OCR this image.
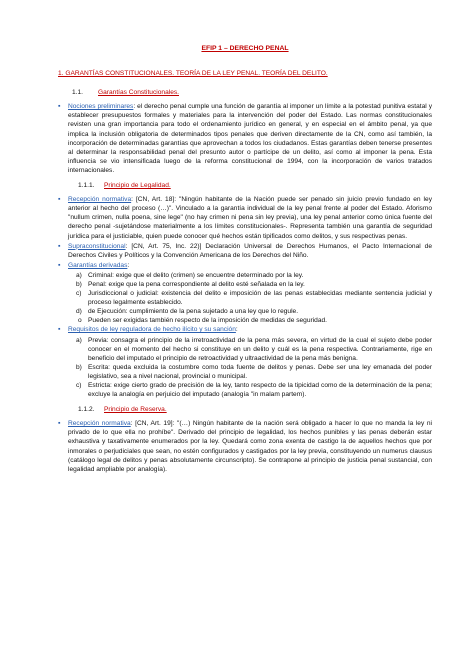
EFIP 1 – DERECHO PENAL
1. GARANTÍAS CONSTITUCIONALES. TEORÍA DE LA LEY PENAL. TEORÍA DEL DELITO.
1.1. Garantías Constitucionales.
▪ Nociones preliminares: el derecho penal cumple una función de garantía al imponer un límite a la potestad punitiva estatal y establecer presupuestos formales y materiales para la intervención del poder del Estado. Las normas constitucionales revisten una gran importancia para todo el ordenamiento jurídico en general, y en especial en el ámbito penal, ya que implica la inclusión obligatoria de determinados tipos penales que deriven directamente de la CN, como así también, la incorporación de determinadas garantías que aprovechan a todos los ciudadanos. Estas garantías deben tenerse presentes al determinar la responsabilidad penal del presunto autor o partícipe de un delito, así como al imponer la pena. Esta influencia se vio intensificada luego de la reforma constitucional de 1994, con la incorporación de varios tratados internacionales.
1.1.1. Principio de Legalidad.
▪ Recepción normativa: [CN, Art. 18]: "Ningún habitante de la Nación puede ser penado sin juicio previo fundado en ley anterior al hecho del proceso (…)". Vinculado a la garantía individual de la ley penal frente al poder del Estado. Aforismo "nullum crimen, nulla poena, sine lege" (no hay crimen ni pena sin ley previa), una ley penal anterior como única fuente del derecho penal -sujetándose materialmente a los límites constitucionales-. Representa también una garantía de seguridad jurídica para el justiciable, quien puede conocer qué hechos están tipificados como delitos, y sus respectivas penas.
▪ Supraconstitucional: [CN, Art. 75, Inc. 22)] Declaración Universal de Derechos Humanos, el Pacto Internacional de Derechos Civiles y Políticos y la Convención Americana de los Derechos del Niño.
▪ Garantías derivadas:
a) Criminal: exige que el delito (crimen) se encuentre determinado por la ley.
b) Penal: exige que la pena correspondiente al delito esté señalada en la ley.
c) Jurisdiccional o judicial: existencia del delito e imposición de las penas establecidas mediante sentencia judicial y proceso legalmente establecido.
d) de Ejecución: cumplimiento de la pena sujetado a una ley que lo regule.
o Pueden ser exigidas también respecto de la imposición de medidas de seguridad.
▪ Requisitos de ley reguladora de hecho ilícito y su sanción:
a) Previa: consagra el principio de la irretroactividad de la pena más severa, en virtud de la cual el sujeto debe poder conocer en el momento del hecho si constituye en un delito y cuál es la pena respectiva. Contrariamente, rige en beneficio del imputado el principio de retroactividad y ultraactividad de la pena más benigna.
b) Escrita: queda excluida la costumbre como toda fuente de delitos y penas. Debe ser una ley emanada del poder legislativo, sea a nivel nacional, provincial o municipal.
c) Estricta: exige cierto grado de precisión de la ley, tanto respecto de la tipicidad como de la determinación de la pena; excluye la analogía en perjuicio del imputado (analogía "in malam partem).
1.1.2. Principio de Reserva.
▪ Recepción normativa: [CN, Art. 19]: "(…) Ningún habitante de la nación será obligado a hacer lo que no manda la ley ni privado de lo que ella no prohíbe". Derivado del principio de legalidad, los hechos punibles y las penas deberán estar exhaustiva y taxativamente enumerados por la ley. Quedará como zona exenta de castigo la de aquellos hechos que por inmorales o perjudiciales que sean, no estén configurados y castigados por la ley previa, constituyendo un numerus clausus (catálogo legal de delitos y penas absolutamente circunscripto). Se contrapone al principio de justicia penal sustancial, con legalidad ampliable por analogía).
